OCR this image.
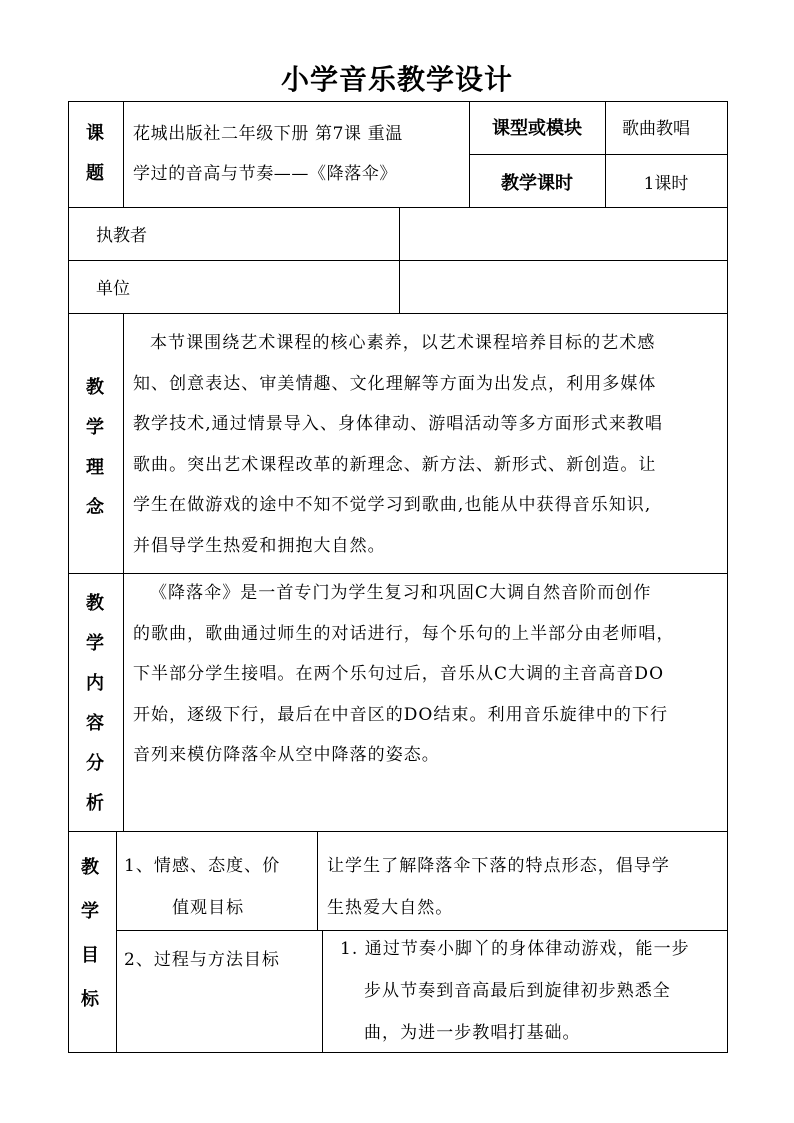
小学音乐教学设计
课
题
花城出版社二年级下册 第7课 重温
学过的音高与节奏——《降落伞》
课型或模块	歌曲教唱
教学课时	1课时
执教者
单位
教
学
理
念
本节课围绕艺术课程的核心素养，以艺术课程培养目标的艺术感
知、创意表达、审美情趣、文化理解等方面为出发点，利用多媒体
教学技术,通过情景导入、身体律动、游唱活动等多方面形式来教唱
歌曲。突出艺术课程改革的新理念、新方法、新形式、新创造。让
学生在做游戏的途中不知不觉学习到歌曲,也能从中获得音乐知识,
并倡导学生热爱和拥抱大自然。
教
学
内
容
分
析
《降落伞》是一首专门为学生复习和巩固C大调自然音阶而创作
的歌曲，歌曲通过师生的对话进行，每个乐句的上半部分由老师唱，
下半部分学生接唱。在两个乐句过后，音乐从C大调的主音高音DO
开始，逐级下行，最后在中音区的DO结束。利用音乐旋律中的下行
音列来模仿降落伞从空中降落的姿态。
教
学
目
标
1、情感、态度、价
值观目标
让学生了解降落伞下落的特点形态，倡导学
生热爱大自然。
2、过程与方法目标
1. 通过节奏小脚丫的身体律动游戏，能一步
步从节奏到音高最后到旋律初步熟悉全
曲，为进一步教唱打基础。
